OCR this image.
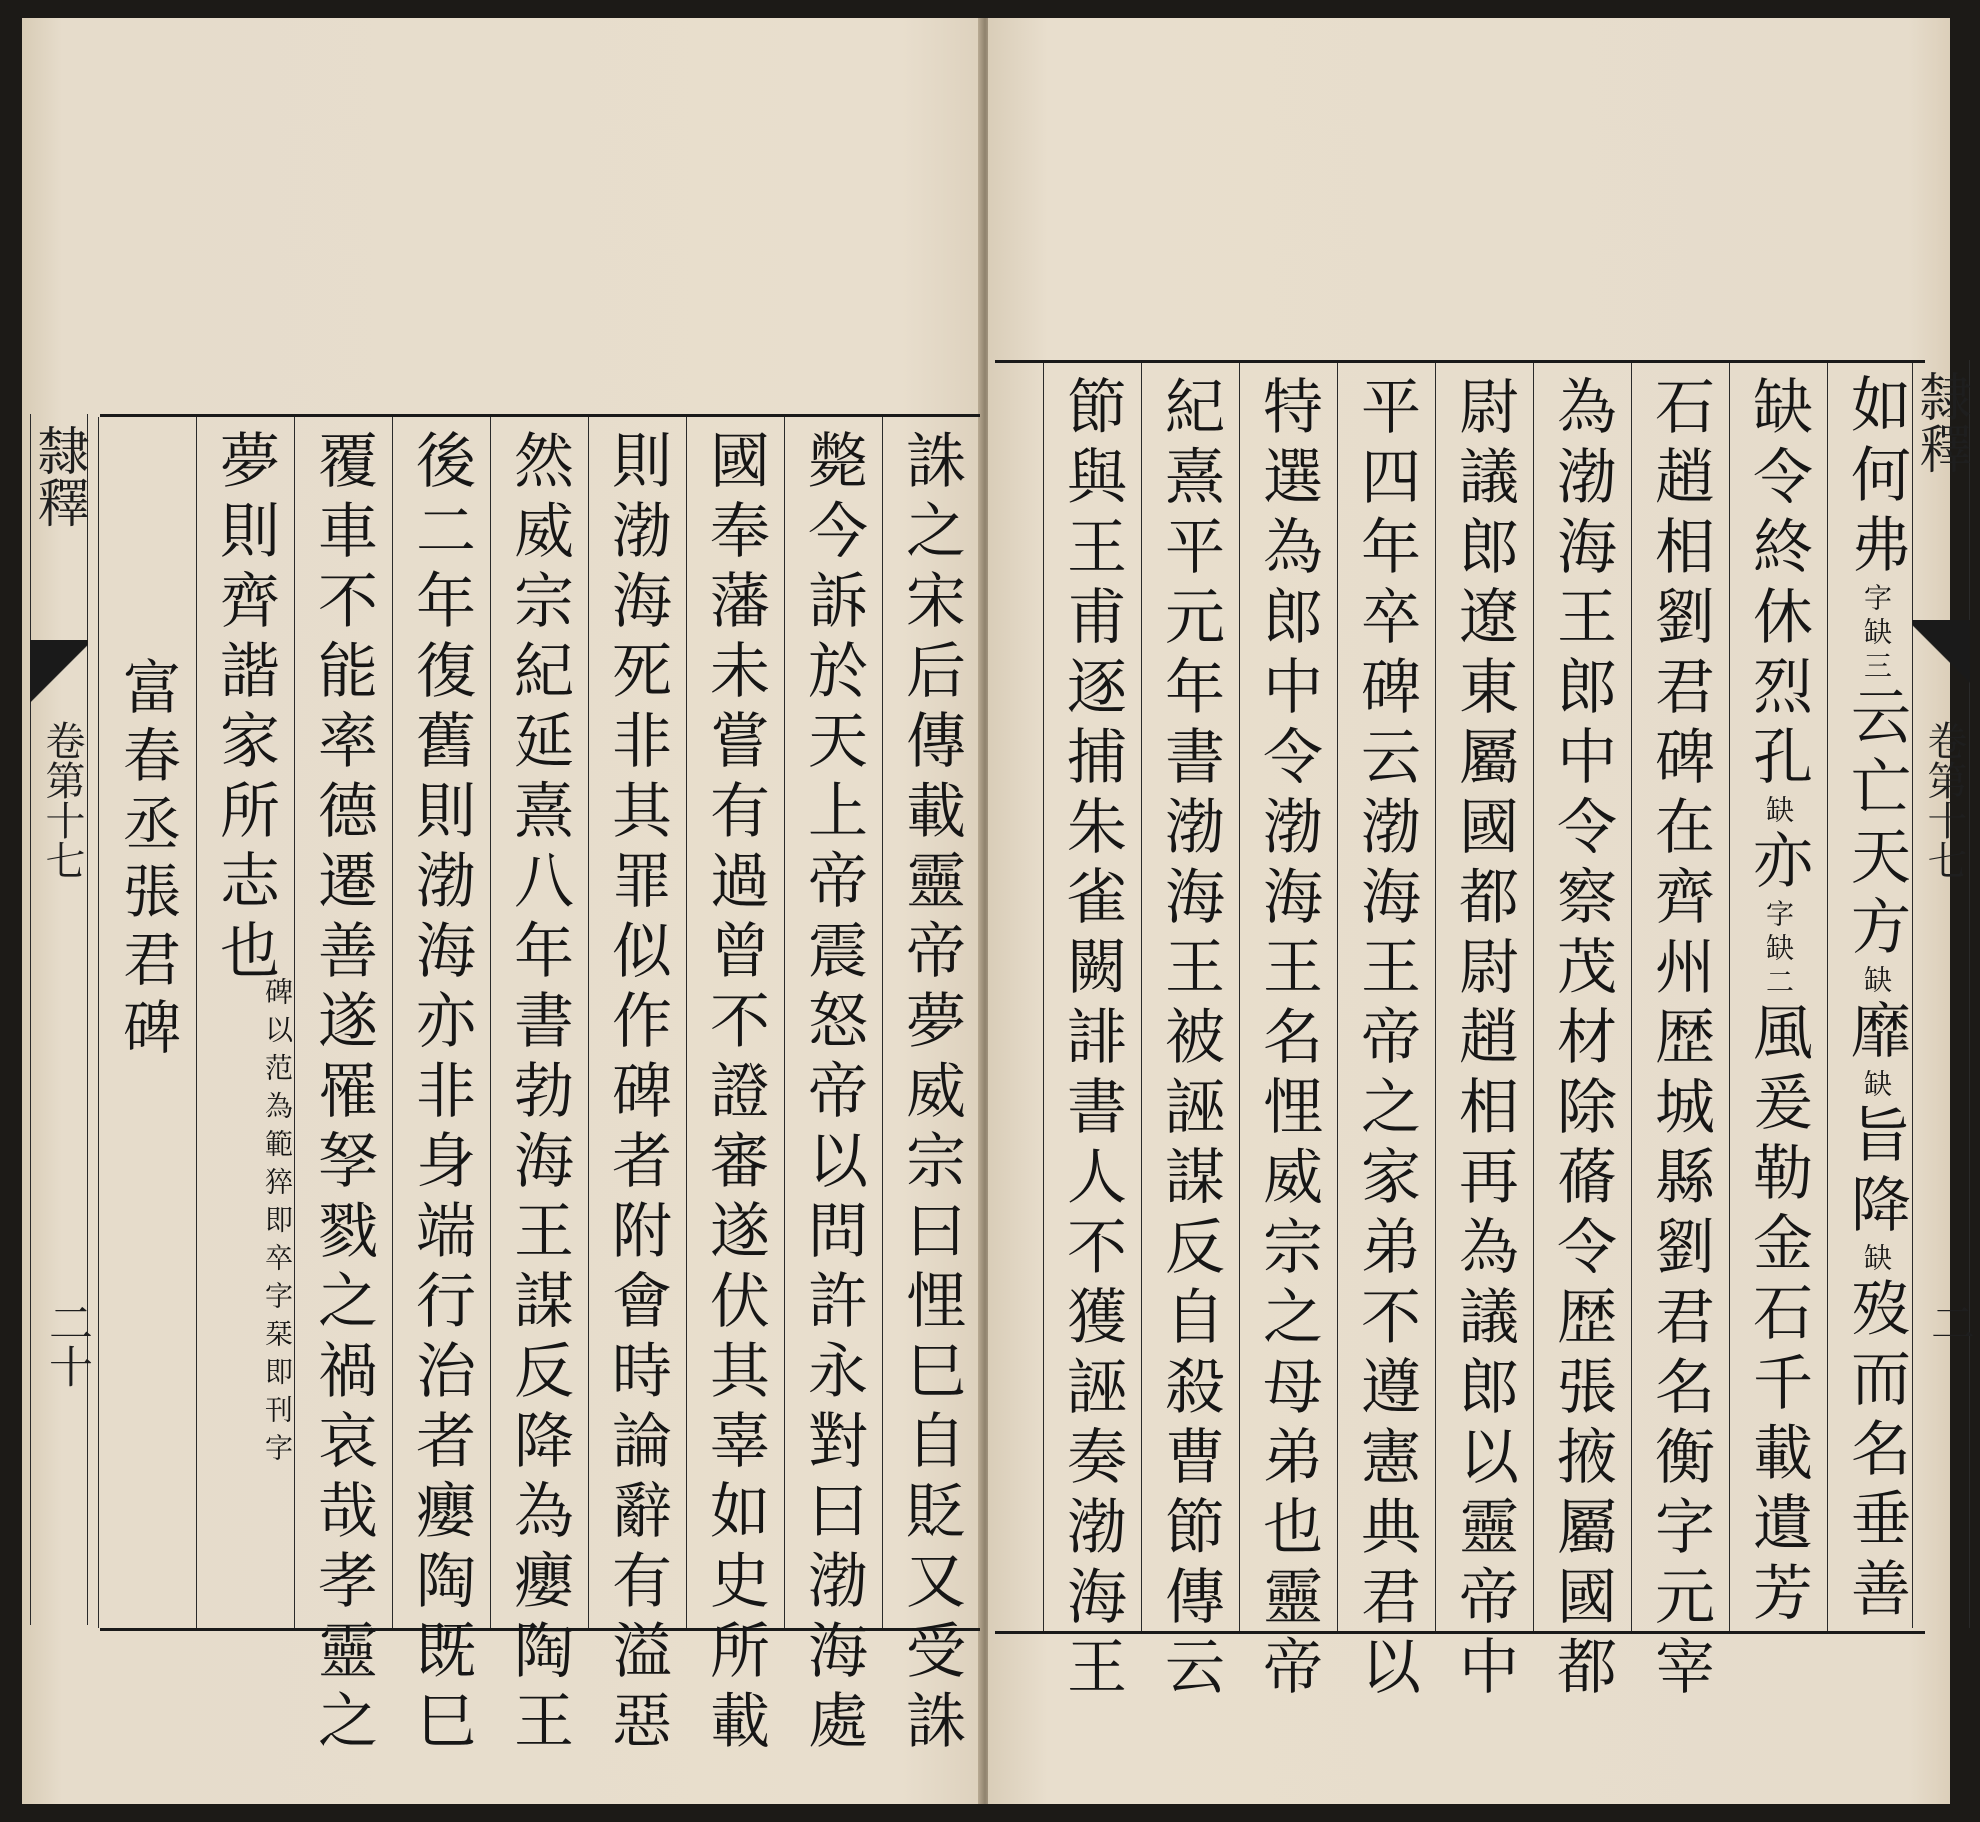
隸釋
卷第十七
二十	誅之宋后傳載靈帝夢威宗曰悝巳自貶又受誅
斃今訴於天上帝震怒帝以問許永對曰渤海處
國奉藩未嘗有過曾不證審遂伏其辜如史所載
則渤海死非其罪似作碑者附會時論辭有溢惡
然威宗紀延熹八年書勃海王謀反降為癭陶王
後二年復舊則渤海亦非身端行治者癭陶既巳
覆車不能率德遷善遂罹孥戮之禍哀哉孝靈之
夢則齊諧家所志也
碑以范為範猝即卒字栞即刊字
富春丞張君碑
隸釋
卷第十七
二
如何弗字缺三云亡天方缺靡缺旨降缺歿而名垂善
缺令終休烈孔缺亦字缺二風爰勒金石千載遺芳
石趙相劉君碑在齊州歴城縣劉君名衡字元宰
為渤海王郎中令察茂材除蓨令歴張掖屬國都
尉議郎遼東屬國都尉趙相再為議郎以靈帝中
平四年卒碑云渤海王帝之家弟不遵憲典君以
特選為郎中令渤海王名悝威宗之母弟也靈帝
紀熹平元年書渤海王被誣謀反自殺曹節傳云
節與王甫逐捕朱雀闕誹書人不獲誣奏渤海王
